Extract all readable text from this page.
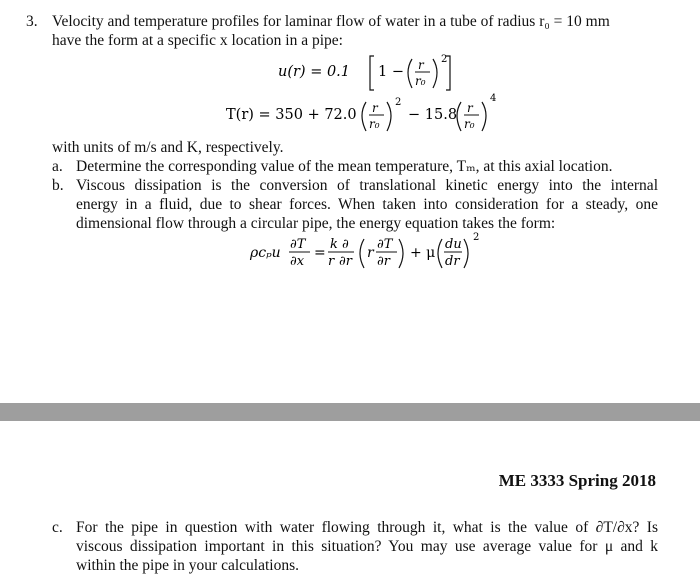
3. Velocity and temperature profiles for laminar flow of water in a tube of radius r₀ = 10 mm
have the form at a specific x location in a pipe:
u(r) = 0.1 1 − r
r₀
2
T(r) = 350 + 72.0 r
r₀
2
− 15.8 r
r₀
4
with units of m/s and K, respectively.
a. Determine the corresponding value of the mean temperature, Tₘ, at this axial location.
b. Viscous dissipation is the conversion of translational kinetic energy into the internal
energy in a fluid, due to shear forces. When taken into consideration for a steady, one
dimensional flow through a circular pipe, the energy equation takes the form:
ρcₚu
∂T
∂x
=
k ∂
r ∂r
r
∂T
∂r
+ μ
du
dr
2
ME 3333 Spring 2018
c. For the pipe in question with water flowing through it, what is the value of ∂T/∂x? Is
viscous dissipation important in this situation? You may use average value for μ and k
within the pipe in your calculations.
